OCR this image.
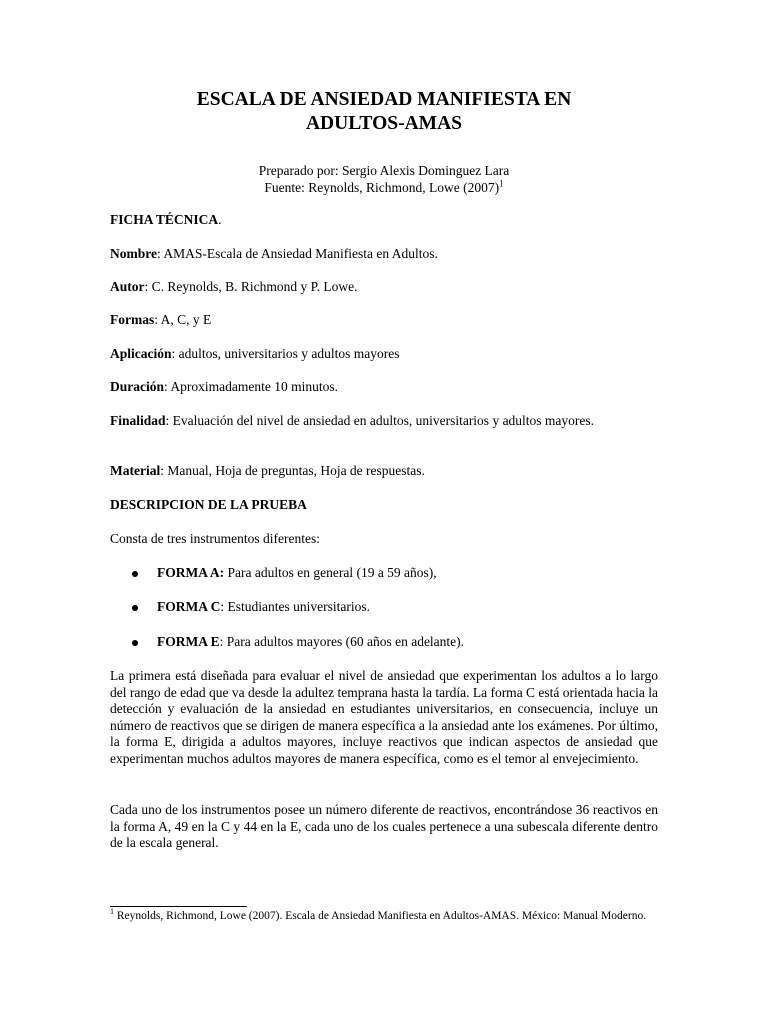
ESCALA DE ANSIEDAD MANIFIESTA EN
ADULTOS-AMAS
Preparado por: Sergio Alexis Dominguez Lara
Fuente: Reynolds, Richmond, Lowe (2007)$^1$
FICHA TÉCNICA.
Nombre: AMAS-Escala de Ansiedad Manifiesta en Adultos.
Autor: C. Reynolds, B. Richmond y P. Lowe.
Formas: A, C, y E
Aplicación: adultos, universitarios y adultos mayores
Duración: Aproximadamente 10 minutos.
Finalidad: Evaluación del nivel de ansiedad en adultos, universitarios y adultos mayores.
Material: Manual, Hoja de preguntas, Hoja de respuestas.
DESCRIPCION DE LA PRUEBA
Consta de tres instrumentos diferentes:
FORMA A: Para adultos en general (19 a 59 años),
FORMA C: Estudiantes universitarios.
FORMA E: Para adultos mayores (60 años en adelante).
La primera está diseñada para evaluar el nivel de ansiedad que experimentan los adultos a lo largo del rango de edad que va desde la adultez temprana hasta la tardía. La forma C está orientada hacia la detección y evaluación de la ansiedad en estudiantes universitarios, en consecuencia, incluye un número de reactivos que se dirigen de manera específica a la ansiedad ante los exámenes. Por último, la forma E, dirigida a adultos mayores, incluye reactivos que indican aspectos de ansiedad que experimentan muchos adultos mayores de manera específica, como es el temor al envejecimiento.
Cada uno de los instrumentos posee un número diferente de reactivos, encontrándose 36 reactivos en la forma A, 49 en la C y 44 en la E, cada uno de los cuales pertenece a una subescala diferente dentro de la escala general.
$^1$ Reynolds, Richmond, Lowe (2007). Escala de Ansiedad Manifiesta en Adultos-AMAS. México: Manual Moderno.
